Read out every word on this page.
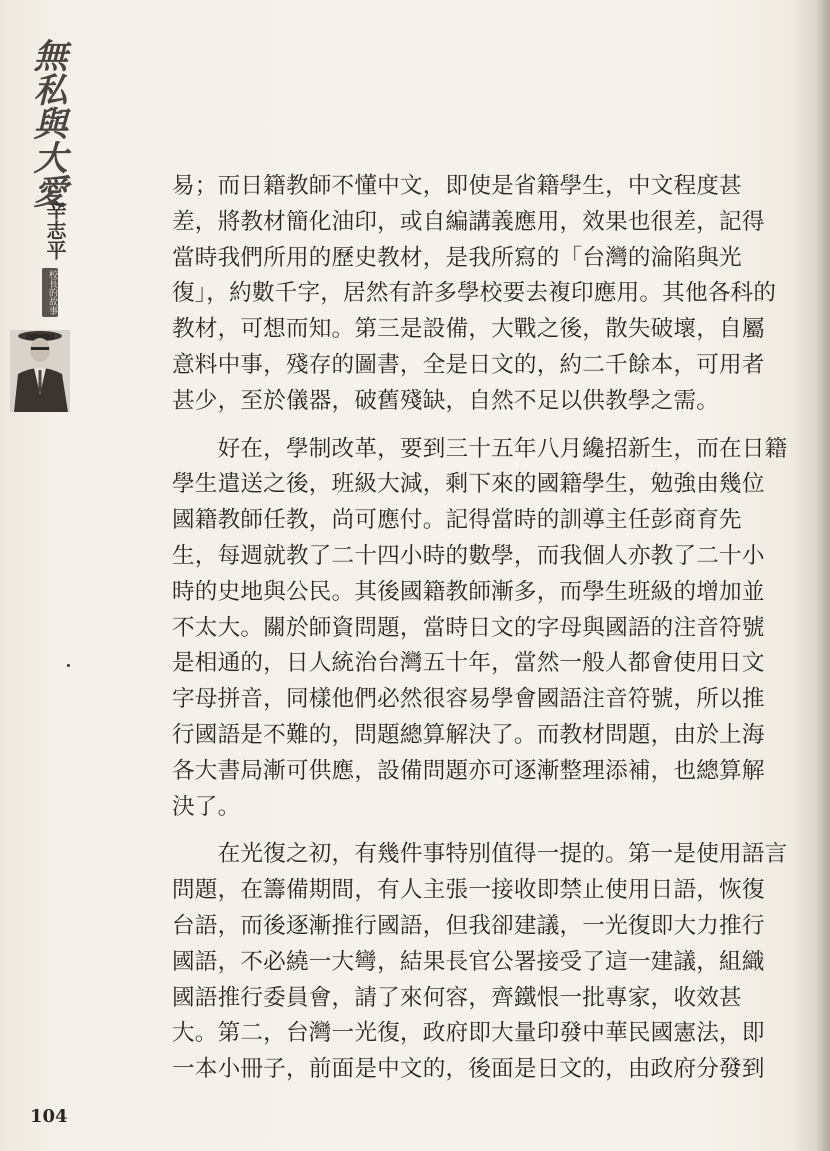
無私與大愛
辛志平
校長的故事
易；而日籍教師不懂中文，即使是省籍學生，中文程度甚
差，將教材簡化油印，或自編講義應用，效果也很差，記得
當時我們所用的歷史教材，是我所寫的「台灣的淪陷與光
復」，約數千字，居然有許多學校要去複印應用。其他各科的
教材，可想而知。第三是設備，大戰之後，散失破壞，自屬
意料中事，殘存的圖書，全是日文的，約二千餘本，可用者
甚少，至於儀器，破舊殘缺，自然不足以供教學之需。
　　好在，學制改革，要到三十五年八月纔招新生，而在日籍
學生遣送之後，班級大減，剩下來的國籍學生，勉強由幾位
國籍教師任教，尚可應付。記得當時的訓導主任彭商育先
生，每週就教了二十四小時的數學，而我個人亦教了二十小
時的史地與公民。其後國籍教師漸多，而學生班級的增加並
不太大。關於師資問題，當時日文的字母與國語的注音符號
是相通的，日人統治台灣五十年，當然一般人都會使用日文
字母拼音，同樣他們必然很容易學會國語注音符號，所以推
行國語是不難的，問題總算解決了。而教材問題，由於上海
各大書局漸可供應，設備問題亦可逐漸整理添補，也總算解
決了。
　　在光復之初，有幾件事特別值得一提的。第一是使用語言
問題，在籌備期間，有人主張一接收即禁止使用日語，恢復
台語，而後逐漸推行國語，但我卻建議，一光復即大力推行
國語，不必繞一大彎，結果長官公署接受了這一建議，組織
國語推行委員會，請了來何容，齊鐵恨一批專家，收效甚
大。第二，台灣一光復，政府即大量印發中華民國憲法，即
一本小冊子，前面是中文的，後面是日文的，由政府分發到
104
